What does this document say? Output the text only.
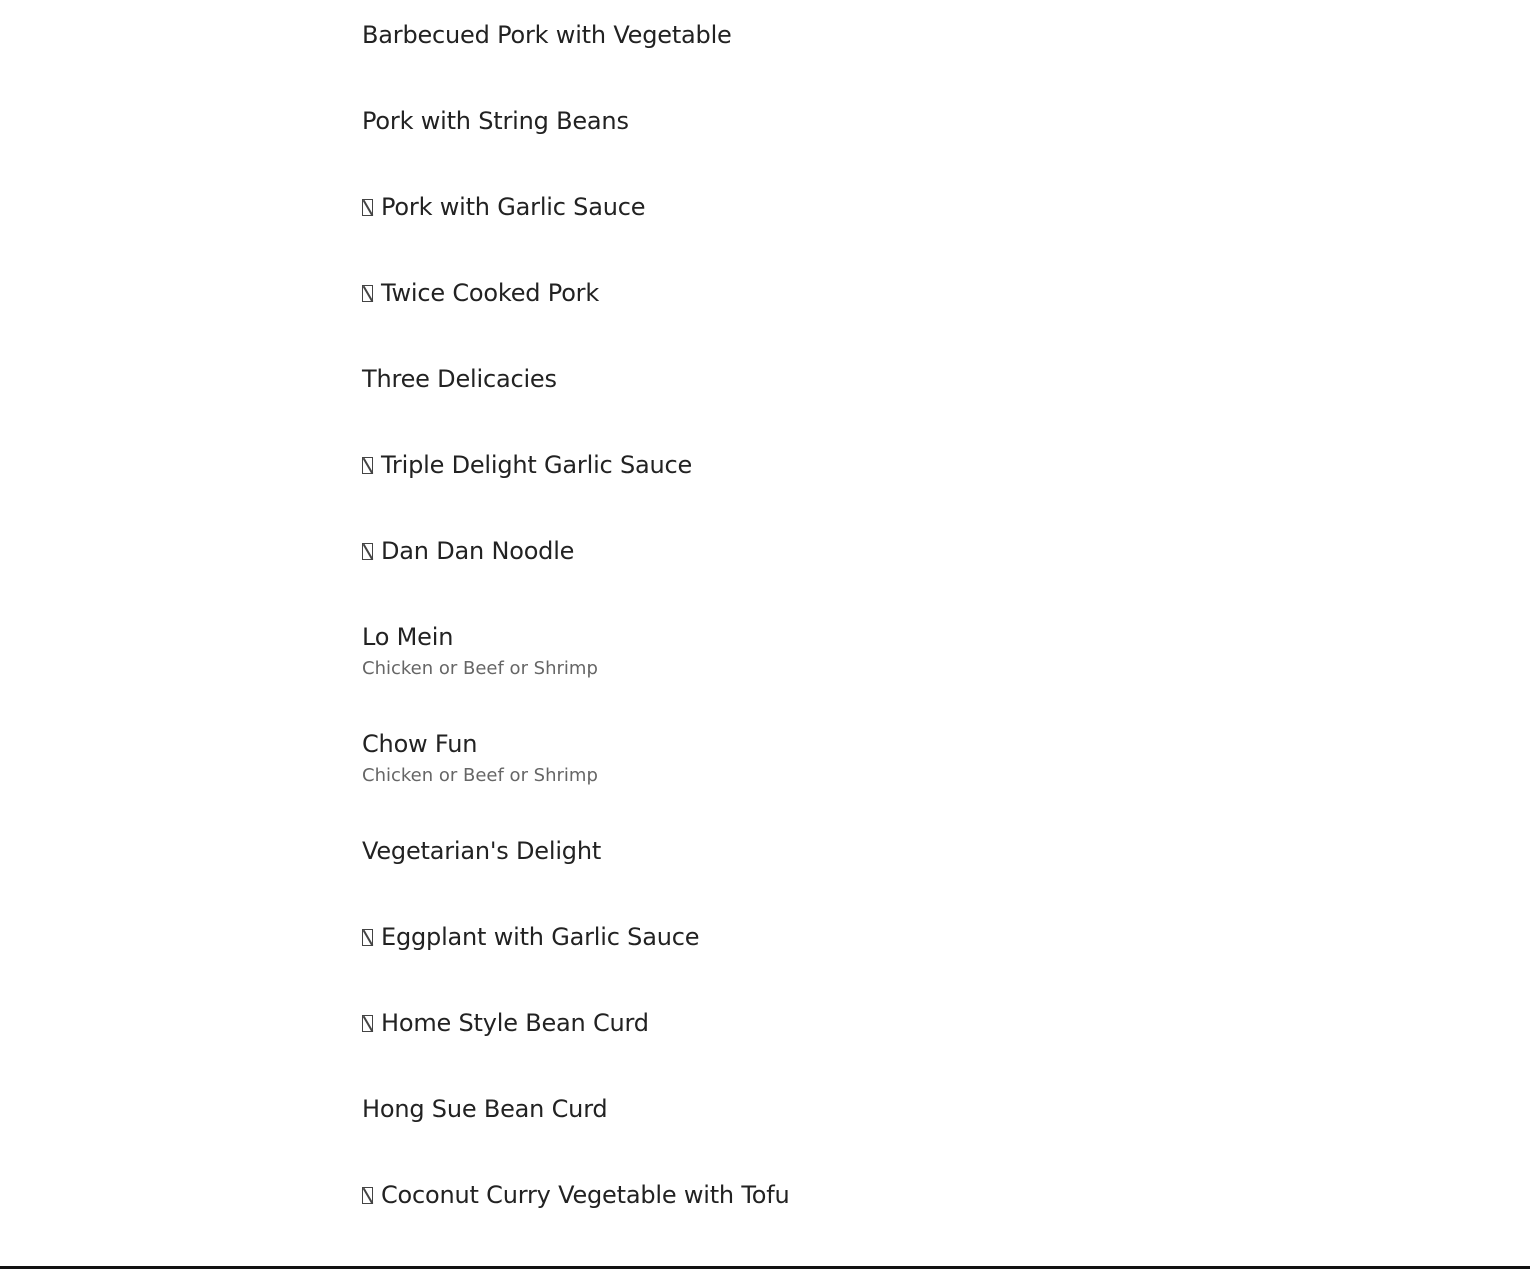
Barbecued Pork with Vegetable
Pork with String Beans
Pork with Garlic Sauce
Twice Cooked Pork
Three Delicacies
Triple Delight Garlic Sauce
Dan Dan Noodle
Lo Mein
Chicken or Beef or Shrimp
Chow Fun
Chicken or Beef or Shrimp
Vegetarian's Delight
Eggplant with Garlic Sauce
Home Style Bean Curd
Hong Sue Bean Curd
Coconut Curry Vegetable with Tofu
